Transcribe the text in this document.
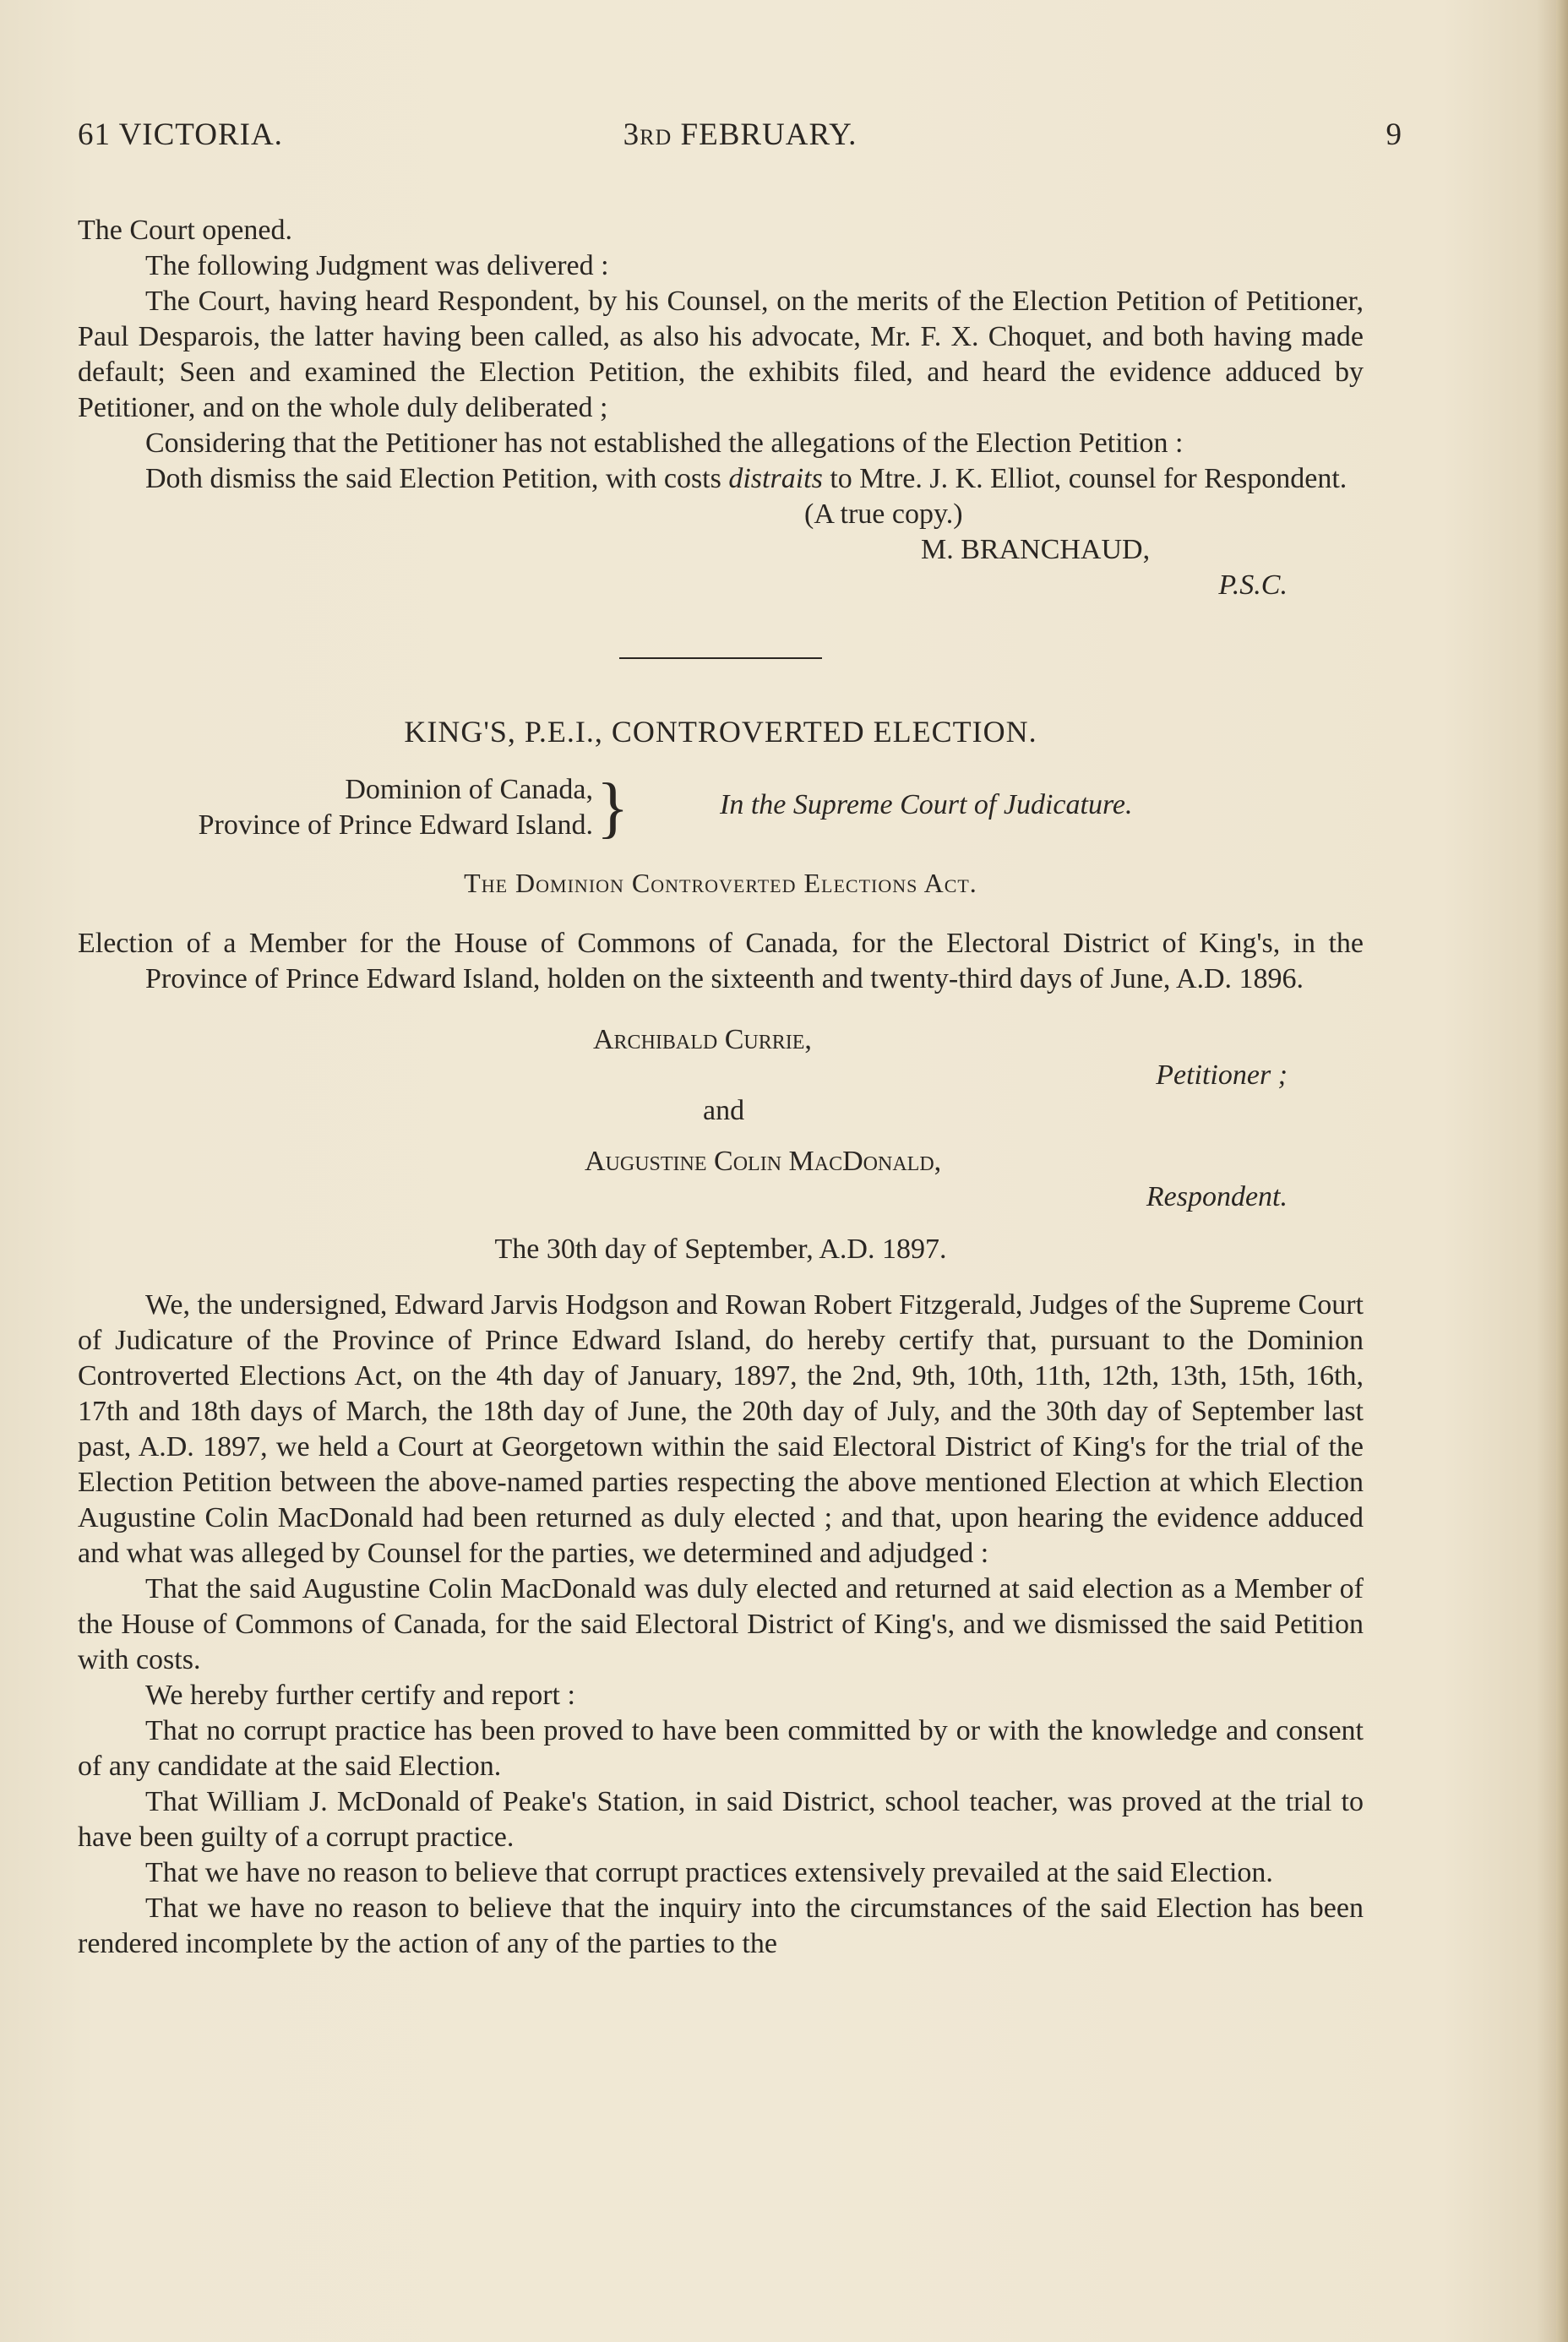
61 VICTORIA.	3rd FEBRUARY.	9

The Court opened.

The following Judgment was delivered :

The Court, having heard Respondent, by his Counsel, on the merits of the Election Petition of Petitioner, Paul Desparois, the latter having been called, as also his advocate, Mr. F. X. Choquet, and both having made default; Seen and examined the Election Petition, the exhibits filed, and heard the evidence adduced by Petitioner, and on the whole duly deliberated ;

Considering that the Petitioner has not established the allegations of the Election Petition :

Doth dismiss the said Election Petition, with costs distraits to Mtre. J. K. Elliot, counsel for Respondent.

(A true copy.)
M. BRANCHAUD,
P.S.C.
KING'S, P.E.I., CONTROVERTED ELECTION.
Dominion of Canada,
Province of Prince Edward Island. }	In the Supreme Court of Judicature.
The Dominion Controverted Elections Act.

Election of a Member for the House of Commons of Canada, for the Electoral District of King's, in the Province of Prince Edward Island, holden on the sixteenth and twenty-third days of June, A.D. 1896.

Archibald Currie,
Petitioner ;
and
Augustine Colin MacDonald,
Respondent.
The 30th day of September, A.D. 1897.

We, the undersigned, Edward Jarvis Hodgson and Rowan Robert Fitzgerald, Judges of the Supreme Court of Judicature of the Province of Prince Edward Island, do hereby certify that, pursuant to the Dominion Controverted Elections Act, on the 4th day of January, 1897, the 2nd, 9th, 10th, 11th, 12th, 13th, 15th, 16th, 17th and 18th days of March, the 18th day of June, the 20th day of July, and the 30th day of September last past, A.D. 1897, we held a Court at Georgetown within the said Electoral District of King's for the trial of the Election Petition between the above-named parties respecting the above mentioned Election at which Election Augustine Colin MacDonald had been returned as duly elected ; and that, upon hearing the evidence adduced and what was alleged by Counsel for the parties, we determined and adjudged :

That the said Augustine Colin MacDonald was duly elected and returned at said election as a Member of the House of Commons of Canada, for the said Electoral District of King's, and we dismissed the said Petition with costs.

We hereby further certify and report :

That no corrupt practice has been proved to have been committed by or with the knowledge and consent of any candidate at the said Election.

That William J. McDonald of Peake's Station, in said District, school teacher, was proved at the trial to have been guilty of a corrupt practice.

That we have no reason to believe that corrupt practices extensively prevailed at the said Election.

That we have no reason to believe that the inquiry into the circumstances of the said Election has been rendered incomplete by the action of any of the parties to the
